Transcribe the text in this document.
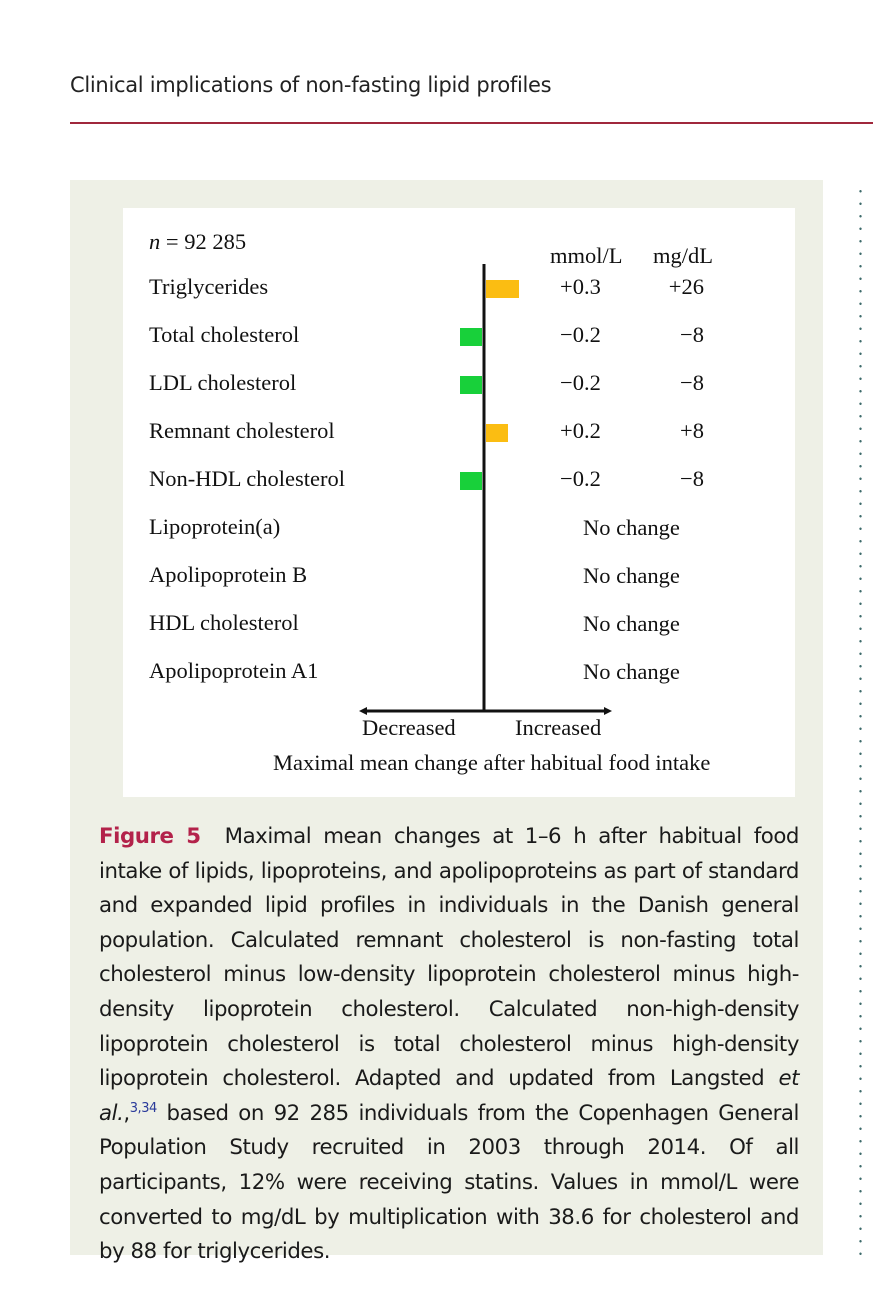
Clinical implications of non-fasting lipid profiles
n = 92 285
mmol/L mg/dL
Triglycerides	+0.3	+26
Total cholesterol	−0.2	−8
LDL cholesterol	−0.2	−8
Remnant cholesterol	+0.2	+8
Non-HDL cholesterol	−0.2	−8
Lipoprotein(a)	No change
Apolipoprotein B	No change
HDL cholesterol	No change
Apolipoprotein A1	No change
Decreased	Increased
Maximal mean change after habitual food intake
Figure 5 Maximal mean changes at 1–6 h after habitual food intake of lipids, lipoproteins, and apolipoproteins as part of standard and expanded lipid profiles in individuals in the Danish general population. Calculated remnant cholesterol is non-fasting total cholesterol minus low-density lipoprotein cholesterol minus high-density lipoprotein cholesterol. Calculated non-high-density lipoprotein cholesterol is total cholesterol minus high-density lipoprotein cholesterol. Adapted and updated from Langsted et al.,$^{3,34}$ based on 92 285 individuals from the Copenhagen General Population Study recruited in 2003 through 2014. Of all participants, 12% were receiving statins. Values in mmol/L were converted to mg/dL by multiplication with 38.6 for cholesterol and by 88 for triglycerides.
